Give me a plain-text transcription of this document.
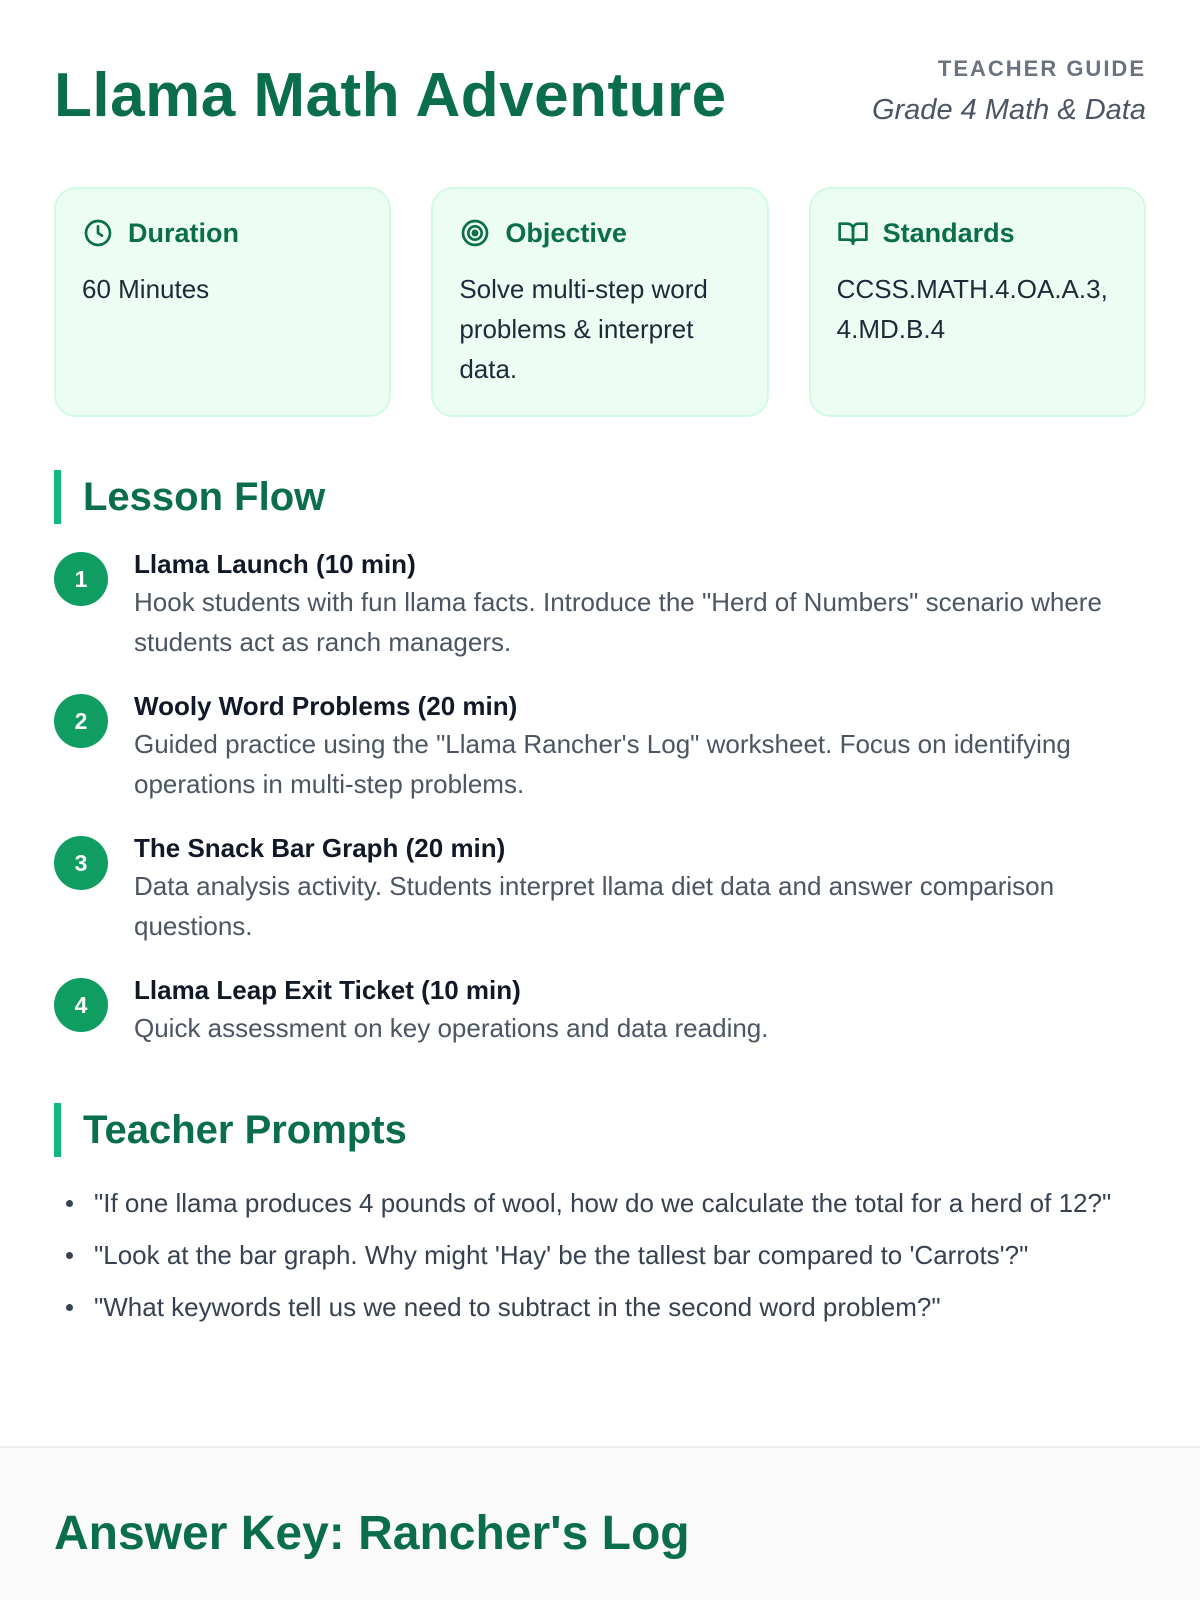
Llama Math Adventure	TEACHER GUIDE
Grade 4 Math & Data
Duration
60 Minutes
Objective
Solve multi-step word problems & interpret data.
Standards
CCSS.MATH.4.OA.A.3, 4.MD.B.4
Lesson Flow
1	Llama Launch (10 min)
Hook students with fun llama facts. Introduce the "Herd of Numbers" scenario where students act as ranch managers.
2	Wooly Word Problems (20 min)
Guided practice using the "Llama Rancher's Log" worksheet. Focus on identifying operations in multi-step problems.
3	The Snack Bar Graph (20 min)
Data analysis activity. Students interpret llama diet data and answer comparison questions.
4	Llama Leap Exit Ticket (10 min)
Quick assessment on key operations and data reading.
Teacher Prompts
"If one llama produces 4 pounds of wool, how do we calculate the total for a herd of 12?"
"Look at the bar graph. Why might 'Hay' be the tallest bar compared to 'Carrots'?"
"What keywords tell us we need to subtract in the second word problem?"
Answer Key: Rancher's Log
